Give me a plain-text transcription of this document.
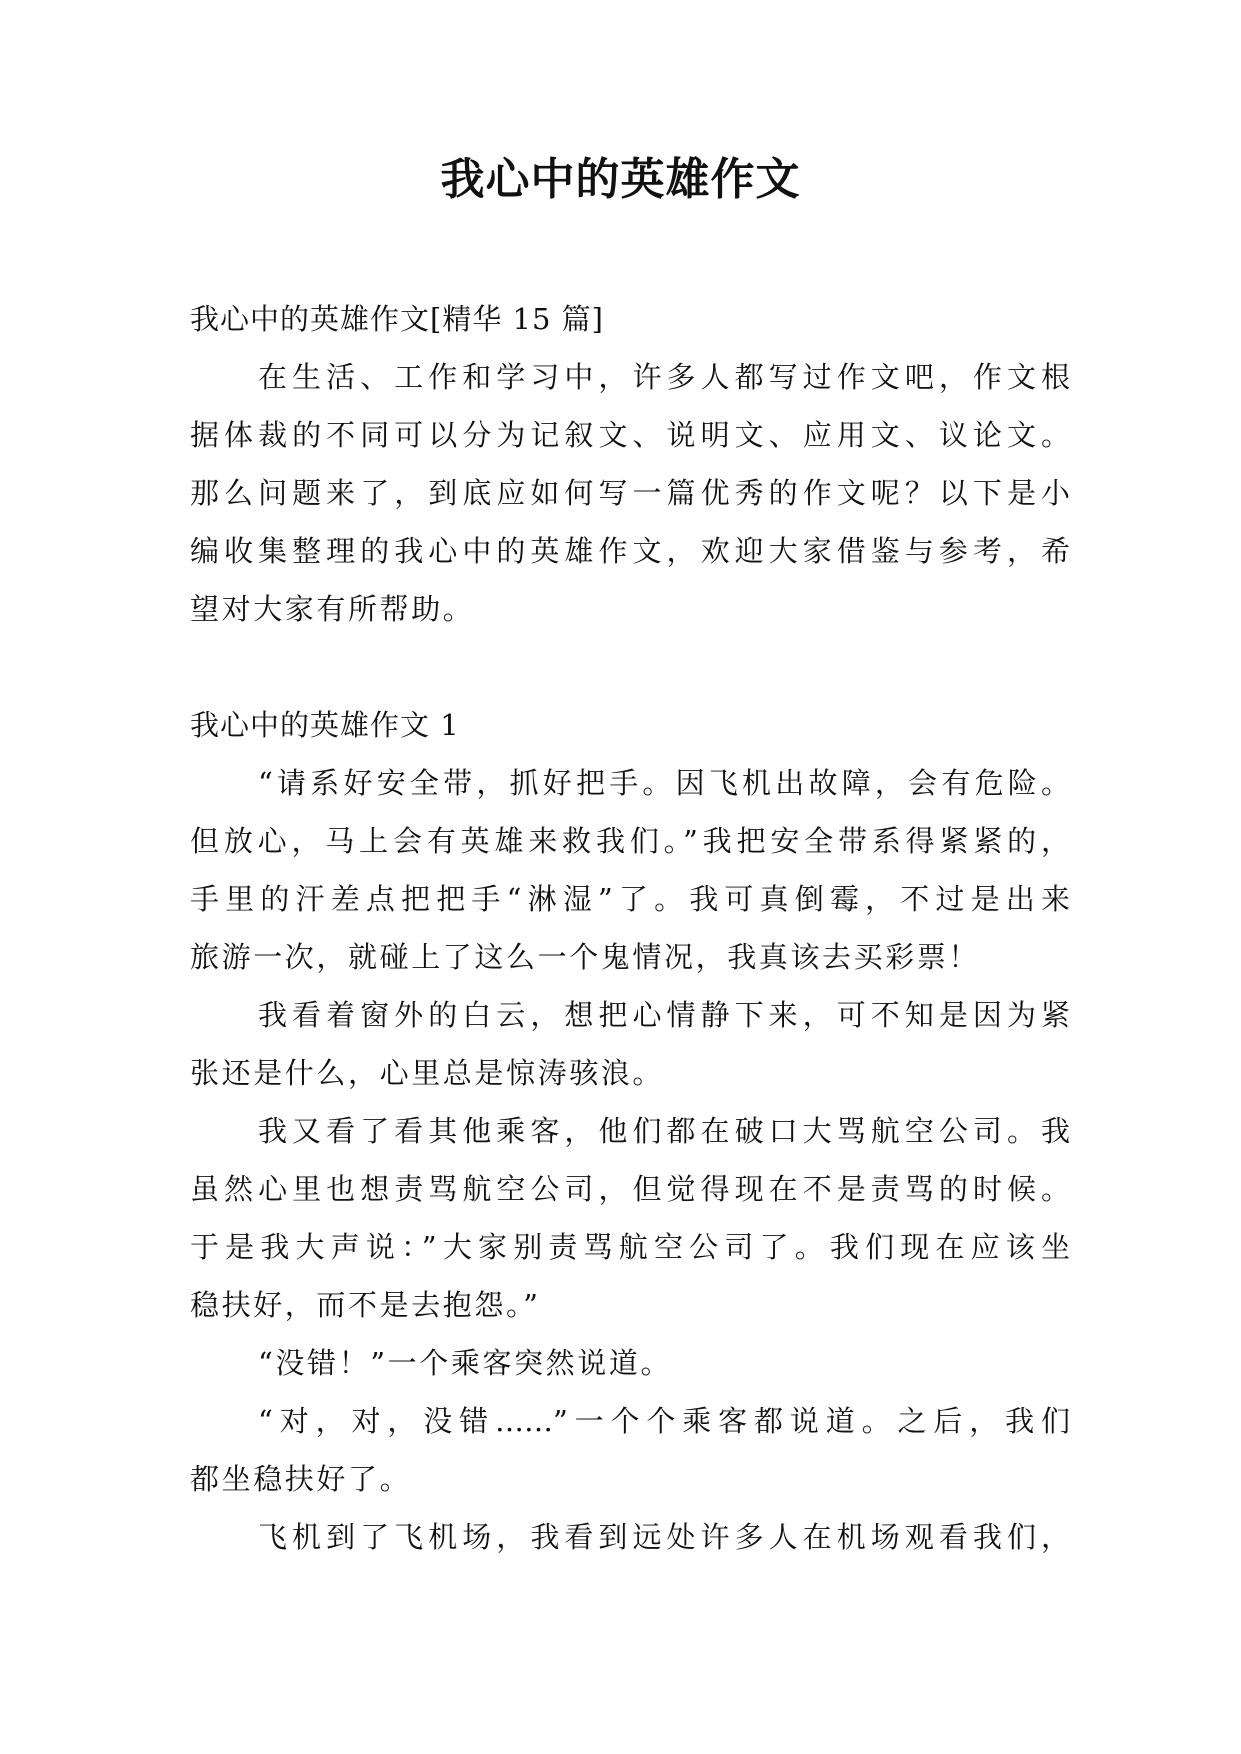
我心中的英雄作文
我心中的英雄作文[精华 15 篇]
在生活、工作和学习中，许多人都写过作文吧，作文根
据体裁的不同可以分为记叙文、说明文、应用文、议论文。
那么问题来了，到底应如何写一篇优秀的作文呢？以下是小
编收集整理的我心中的英雄作文，欢迎大家借鉴与参考，希
望对大家有所帮助。
我心中的英雄作文 1
“请系好安全带，抓好把手。因飞机出故障，会有危险。
但放心，马上会有英雄来救我们。”我把安全带系得紧紧的，
手里的汗差点把把手“淋湿”了。我可真倒霉，不过是出来
旅游一次，就碰上了这么一个鬼情况，我真该去买彩票！
我看着窗外的白云，想把心情静下来，可不知是因为紧
张还是什么，心里总是惊涛骇浪。
我又看了看其他乘客，他们都在破口大骂航空公司。我
虽然心里也想责骂航空公司，但觉得现在不是责骂的时候。
于是我大声说：”大家别责骂航空公司了。我们现在应该坐
稳扶好，而不是去抱怨。”
“没错！”一个乘客突然说道。
“对，对，没错……”一个个乘客都说道。之后，我们
都坐稳扶好了。
飞机到了飞机场，我看到远处许多人在机场观看我们，
